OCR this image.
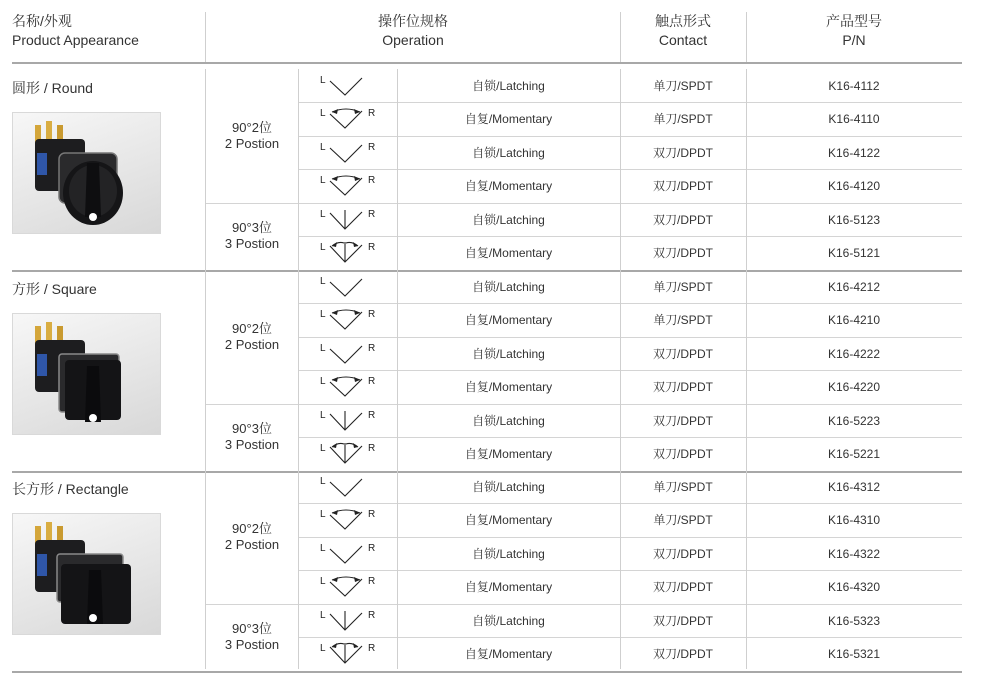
名称/外观
Product Appearance
操作位规格
Operation
触点形式
Contact
产品型号
P/N
圆形 / Round
90°2位
2 Postion
L	自锁/Latching	单刀/SPDT	K16-4112
L	R	自复/Momentary	单刀/SPDT	K16-4110
L	R	自锁/Latching	双刀/DPDT	K16-4122
L	R	自复/Momentary	双刀/DPDT	K16-4120
90°3位
3 Postion
L	R	自锁/Latching	双刀/DPDT	K16-5123
L	R	自复/Momentary	双刀/DPDT	K16-5121
方形 / Square
90°2位
2 Postion
L	自锁/Latching	单刀/SPDT	K16-4212
L	R	自复/Momentary	单刀/SPDT	K16-4210
L	R	自锁/Latching	双刀/DPDT	K16-4222
L	R	自复/Momentary	双刀/DPDT	K16-4220
90°3位
3 Postion
L	R	自锁/Latching	双刀/DPDT	K16-5223
L	R	自复/Momentary	双刀/DPDT	K16-5221
长方形 / Rectangle
90°2位
2 Postion
L	自锁/Latching	单刀/SPDT	K16-4312
L	R	自复/Momentary	单刀/SPDT	K16-4310
L	R	自锁/Latching	双刀/DPDT	K16-4322
L	R	自复/Momentary	双刀/DPDT	K16-4320
90°3位
3 Postion
L	R	自锁/Latching	双刀/DPDT	K16-5323
L	R	自复/Momentary	双刀/DPDT	K16-5321
